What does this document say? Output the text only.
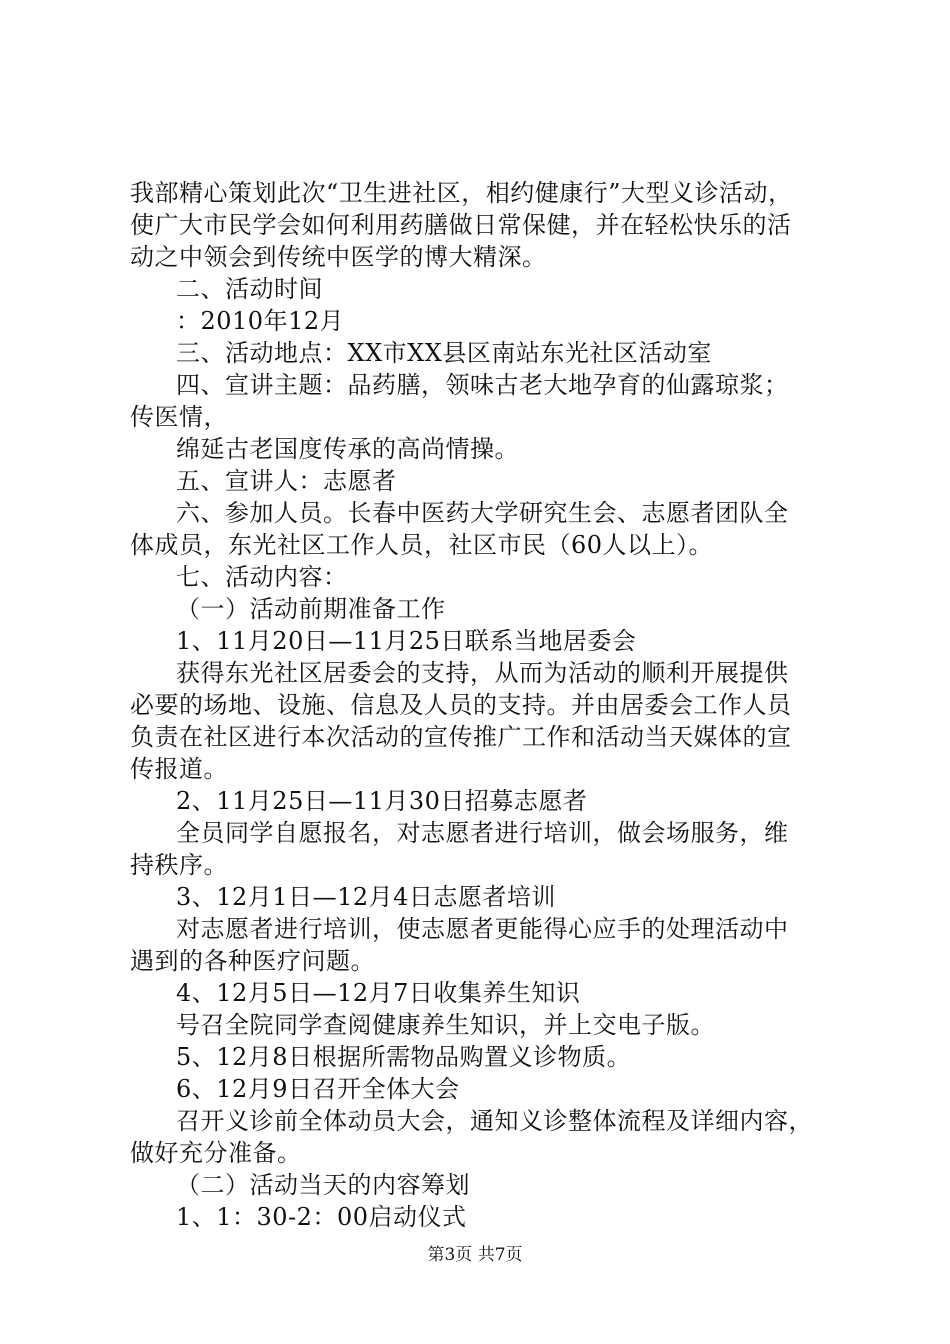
我部精心策划此次“卫生进社区，相约健康行”大型义诊活动，
使广大市民学会如何利用药膳做日常保健，并在轻松快乐的活
动之中领会到传统中医学的博大精深。
二、活动时间
：2010年12月
三、活动地点：XX市XX县区南站东光社区活动室
四、宣讲主题：品药膳，领味古老大地孕育的仙露琼浆；
传医情，
绵延古老国度传承的高尚情操。
五、宣讲人：志愿者
六、参加人员。长春中医药大学研究生会、志愿者团队全
体成员，东光社区工作人员，社区市民（60人以上）。
七、活动内容：
（一）活动前期准备工作
1、11月20日—11月25日联系当地居委会
获得东光社区居委会的支持，从而为活动的顺利开展提供
必要的场地、设施、信息及人员的支持。并由居委会工作人员
负责在社区进行本次活动的宣传推广工作和活动当天媒体的宣
传报道。
2、11月25日—11月30日招募志愿者
全员同学自愿报名，对志愿者进行培训，做会场服务，维
持秩序。
3、12月1日—12月4日志愿者培训
对志愿者进行培训，使志愿者更能得心应手的处理活动中
遇到的各种医疗问题。
4、12月5日—12月7日收集养生知识
号召全院同学查阅健康养生知识，并上交电子版。
5、12月8日根据所需物品购置义诊物质。
6、12月9日召开全体大会
召开义诊前全体动员大会，通知义诊整体流程及详细内容，
做好充分准备。
（二）活动当天的内容筹划
1、1：30-2：00启动仪式
第3页 共7页
